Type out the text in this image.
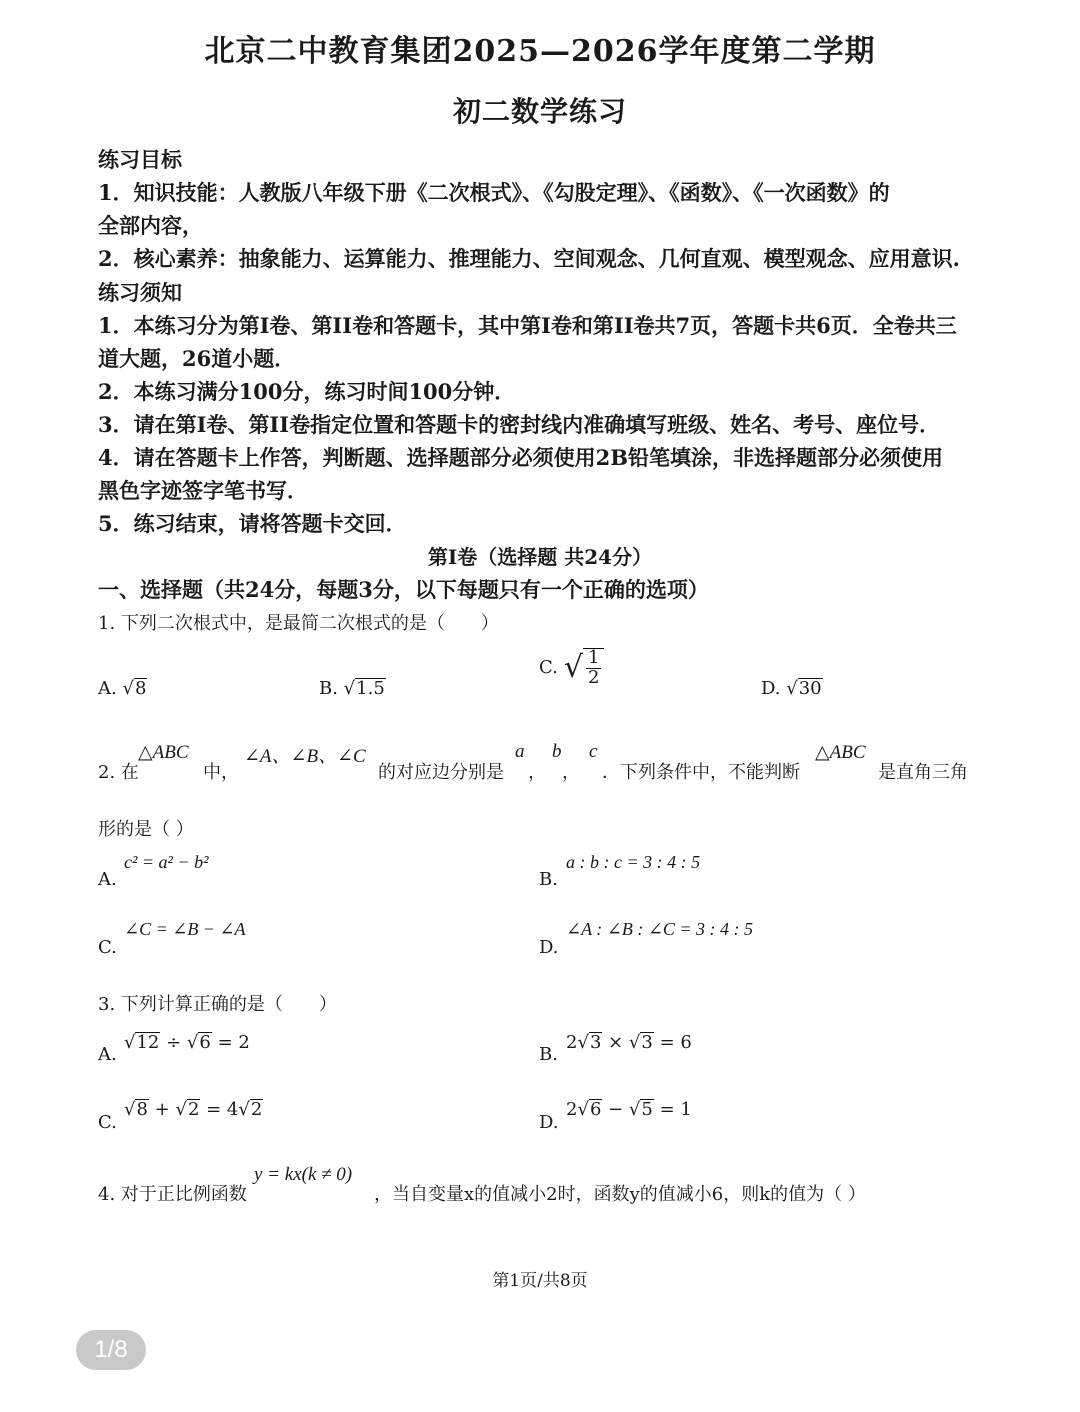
北京二中教育集团2025—2026学年度第二学期
初二数学练习
练习目标
1．知识技能：人教版八年级下册《二次根式》、《勾股定理》、《函数》、《一次函数》的
全部内容，
2．核心素养：抽象能力、运算能力、推理能力、空间观念、几何直观、模型观念、应用意识.
练习须知
1．本练习分为第I卷、第II卷和答题卡，其中第I卷和第II卷共7页，答题卡共6页．全卷共三
道大题，26道小题．
2．本练习满分100分，练习时间100分钟．
3．请在第I卷、第II卷指定位置和答题卡的密封线内准确填写班级、姓名、考号、座位号．
4．请在答题卡上作答，判断题、选择题部分必须使用2B铅笔填涂，非选择题部分必须使用
黑色字迹签字笔书写．
5．练习结束，请将答题卡交回．
第I卷（选择题 共24分）
一、选择题（共24分，每题3分，以下每题只有一个正确的选项）
1. 下列二次根式中，是最简二次根式的是（　　）
A. √8	B. √1.5
C. √ $\frac{1}{2}$
D. √30
2. 在
△ABC
中，
∠A、∠B、∠C
的对应边分别是
a
，
b
，
c
．下列条件中，不能判断
△ABC
是直角三角
形的是（ ）
A.
c² = a² − b²
B.
a : b : c = 3 : 4 : 5
C.
∠C = ∠B − ∠A
D.
∠A : ∠B : ∠C = 3 : 4 : 5
3. 下列计算正确的是（　　）
A.
√12 ÷ √6 = 2
B.
2√3 × √3 = 6
C.
√8 + √2 = 4√2
D.
2√6 − √5 = 1
4. 对于正比例函数
y = kx(k ≠ 0)
，当自变量x的值减小2时，函数y的值减小6，则k的值为（ ）
第1页/共8页
1/8
